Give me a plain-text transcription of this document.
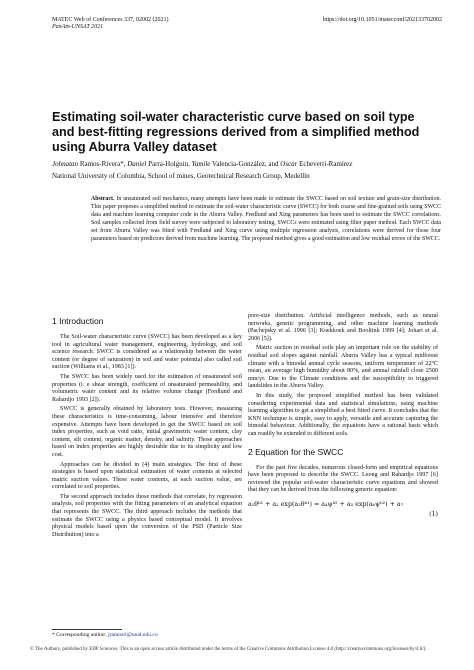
MATEC Web of Conferences 337, 02002 (2021)
PanAm-UNSAT 2021
https://doi.org/10.1051/matecconf/202133702002
Estimating soil-water characteristic curve based on soil type
and best-fitting regressions derived from a simplified method
using Aburra Valley dataset
Johnatan Ramos-Rivera*, Daniel Parra-Holguin, Yamile Valencia-González, and Oscar Echeverri-Ramírez
National University of Colombia, School of mines, Geotechnical Research Group, Medellín
Abstract. In unsaturated soil mechanics, many attempts have been made to estimate the SWCC based on soil texture and grain-size distribution. This paper proposes a simplified method to estimate the soil-water characteristic curve (SWCC) for both coarse and fine-grained soils using SWCC data and machine learning computer code in the Aburra Valley. Fredlund and Xing parameters has been used to estimate the SWCC correlations. Soil samples collected from field survey were subjected to laboratory testing, SWCCs were estimated using filter paper method. Each SWCC data set from Aburra Valley was fitted with Fredlund and Xing curve using multiple regression analysis, correlations were derived for those four parameters based on predictors derived from machine learning. The proposed method gives a good estimation and low residual errors of the SWCC.
1 Introduction

The Soil-water characteristic curve (SWCC) has been developed as a key tool in agricultural water management, engineering, hydrology, and soil science research. SWCC is considered as a relationship between the water content (or degree of saturation) in soil and water potential also called soil suction (Williams et al., 1983 [1]).

The SWCC has been widely used for the estimation of unsaturated soil properties (i. e shear strength, coefficient of unsaturated permeability, and volumetric water content and its relative volume change (Fredlund and Rahardjo 1993 [2]).

SWCC is generally obtained by laboratory tests. However, measuring these characteristics is time-consuming, labour intensive and therefore expensive. Attempts have been developed to get the SWCC based on soil index properties, such as void ratio, initial gravimetric water content, clay content, silt content, organic matter, density, and salinity. Those approaches based on index properties are highly desirable due to its simplicity and low cost.

Approaches can be divided in (4) main strategies. The first of these strategies is based upon statistical estimation of water contents at selected matric suction values. These water contents, at each suction value, are correlated to soil properties.

The second approach includes those methods that correlate, by regression analysis, soil properties with the fitting parameters of an analytical equation that represents the SWCC. The third approach includes the methods that estimate the SWCC using a physics based conceptual model. It involves physical models based upon the conversion of the PSD (Particle Size Distribution) into a

pore-size distribution. Artificial intelligence methods, such as neural networks, genetic programming, and other machine learning methods (Pachepsky et al. 1996 [3]; Koekkoek and Booltink 1999 [4]; Johari et al. 2006 [5]).

Matric suction in residual soils play an important role on the stability of residual soil slopes against rainfall. Aburra Valley has a typical midforest climate with a bimodal annual cycle seasons, uniform temperature of 22°C mean, an average high humidity about 80%, and annual rainfall close 2500 mm/yr. Due to the Climate conditions and the susceptibility to triggered landslides in the Aburra Valley.

In this study, the proposed simplified method has been validated considering experimental data and statistical simulations, using machine learning algorithm to get a simplified a best fitted curve. It concludes that the KNN technique is simple, easy to apply, versatile and accurate capturing the bimodal behaviour. Additionally, the equations have a rational basis which can readily be extended to different soils.

2 Equation for the SWCC

For the past five decades, numerous closed-form and empirical equations have been proposed to describe the SWCC. Leong and Rahardjo 1997 [6] reviewed the popular soil-water characteristic curve equations and showed that they can be derived from the following generic equation:

a₁θᵇ¹ + a₂ exp(a₃θᵇ¹) = a₄ψᵇ² + a₅ exp(a₆ψᵇ²) + a₇
(1)
* Corresponding author: jramosri@unal.edu.co
© The Authors, published by EDP Sciences. This is an open access article distributed under the terms of the Creative Commons Attribution License 4.0 (http://creativecommons.org/licenses/by/4.0/).
